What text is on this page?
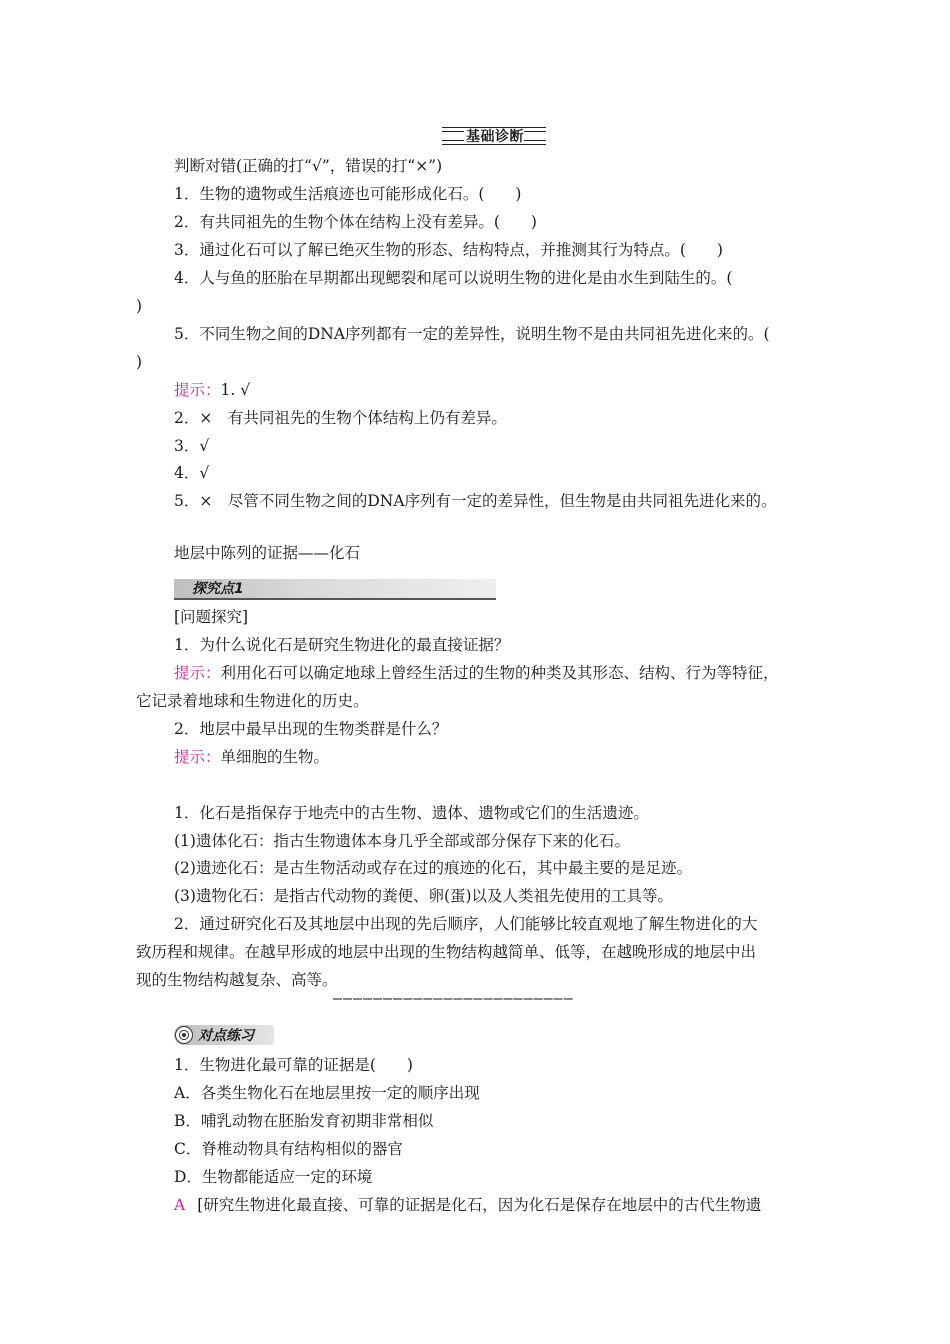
基础诊断
判断对错(正确的打“√”，错误的打“×”)
1．生物的遗物或生活痕迹也可能形成化石。(　　)
2．有共同祖先的生物个体在结构上没有差异。(　　)
3．通过化石可以了解已绝灭生物的形态、结构特点，并推测其行为特点。(　　)
4．人与鱼的胚胎在早期都出现鳃裂和尾可以说明生物的进化是由水生到陆生的。(
)
5．不同生物之间的DNA序列都有一定的差异性，说明生物不是由共同祖先进化来的。(
)
提示：1. √
2．×　有共同祖先的生物个体结构上仍有差异。
3．√
4．√
5．×　尽管不同生物之间的DNA序列有一定的差异性，但生物是由共同祖先进化来的。
地层中陈列的证据——化石
探究点1
[问题探究]
1．为什么说化石是研究生物进化的最直接证据？
提示：利用化石可以确定地球上曾经生活过的生物的种类及其形态、结构、行为等特征，
它记录着地球和生物进化的历史。
2．地层中最早出现的生物类群是什么？
提示：单细胞的生物。
1．化石是指保存于地壳中的古生物、遗体、遗物或它们的生活遗迹。
(1)遗体化石：指古生物遗体本身几乎全部或部分保存下来的化石。
(2)遗迹化石：是古生物活动或存在过的痕迹的化石，其中最主要的是足迹。
(3)遗物化石：是指古代动物的粪便、卵(蛋)以及人类祖先使用的工具等。
2．通过研究化石及其地层中出现的先后顺序，人们能够比较直观地了解生物进化的大
致历程和规律。在越早形成的地层中出现的生物结构越简单、低等，在越晚形成的地层中出
现的生物结构越复杂、高等。
————————————————————————
对点练习
1．生物进化最可靠的证据是(　　)
A．各类生物化石在地层里按一定的顺序出现
B．哺乳动物在胚胎发育初期非常相似
C．脊椎动物具有结构相似的器官
D．生物都能适应一定的环境
A [研究生物进化最直接、可靠的证据是化石，因为化石是保存在地层中的古代生物遗
